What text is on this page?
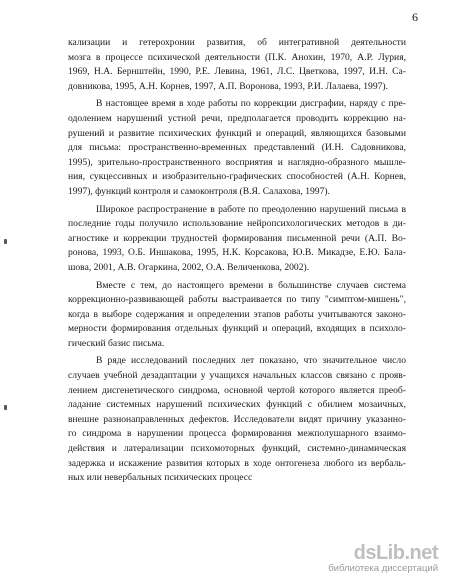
6

кализации и гетерохронии развития, об интегративной деятельности
мозга в процессе психической деятельности (П.К. Анохин, 1970, А.Р. Лурия,
1969, Н.А. Бернштейн, 1990, Р.Е. Левина, 1961, Л.С. Цветкова, 1997, И.Н. Са-
довникова, 1995, А.Н. Корнев, 1997, А.П. Воронова, 1993, Р.И. Лалаева, 1997).

В настоящее время в ходе работы по коррекции дисграфии, наряду с пре-
одолением нарушений устной речи, предполагается проводить коррекцию на-
рушений и развитие психических функций и операций, являющихся базовыми
для письма: пространственно-временных представлений (И.Н. Садовникова,
1995), зрительно-пространственного восприятия и наглядно-образного мышле-
ния, сукцессивных и изобразительно-графических способностей (А.Н. Корнев,
1997), функций контроля и самоконтроля (В.Я. Салахова, 1997).

Широкое распространение в работе по преодолению нарушений письма в
последние годы получило использование нейропсихологических методов в ди-
агностике и коррекции трудностей формирования письменной речи (А.П. Во-
ронова, 1993, О.Б. Иншакова, 1995, Н.К. Корсакова, Ю.В. Микадзе, Е.Ю. Бала-
шова, 2001, А.В. Огаркина, 2002, О.А. Величенкова, 2002).

Вместе с тем, до настоящего времени в большинстве случаев система
коррекционно-развивающей работы выстраивается по типу "симптом-мишень",
когда в выборе содержания и определении этапов работы учитываются законо-
мерности формирования отдельных функций и операций, входящих в психоло-
гический базис письма.

В ряде исследований последних лет показано, что значительное число
случаев учебной дезадаптации у учащихся начальных классов связано с прояв-
лением дисгенетического синдрома, основной чертой которого является преоб-
ладание системных нарушений психических функций с обилием мозаичных,
внешне разнонаправленных дефектов. Исследователи видят причину указанно-
го синдрома в нарушении процесса формирования межполушарного взаимо-
действия и латерализации психомоторных функций, системно-динамическая
задержка и искажение развития которых в ходе онтогенеза любого из вербаль-
ных или невербальных психических процесс

dsLib.net
библиотека диссертаций
